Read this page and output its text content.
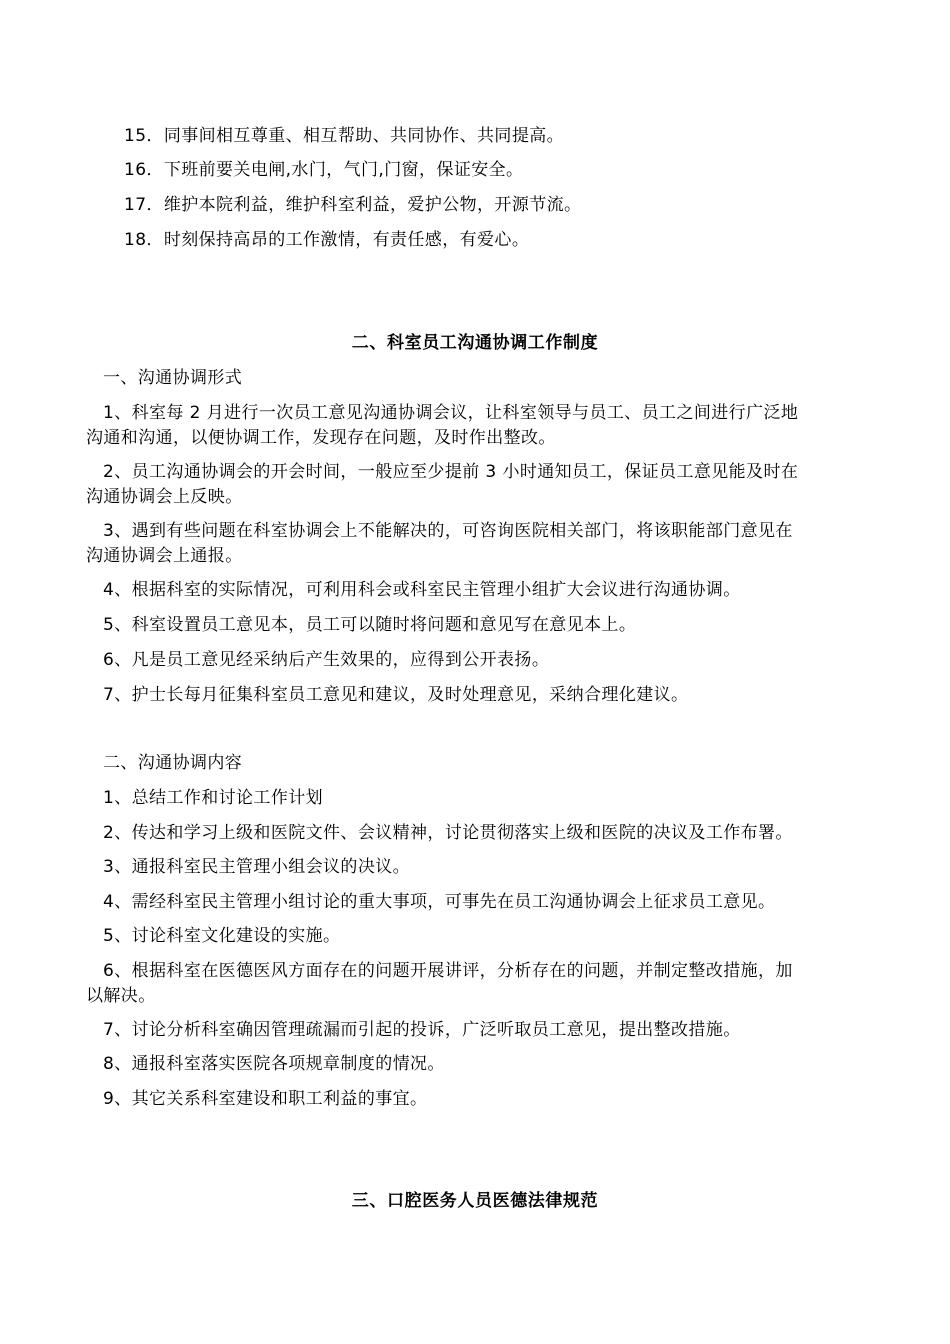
15．同事间相互尊重、相互帮助、共同协作、共同提高。
16．下班前要关电闸,水门，气门,门窗，保证安全。
17．维护本院利益，维护科室利益，爱护公物，开源节流。
18．时刻保持高昂的工作激情，有责任感，有爱心。
二、科室员工沟通协调工作制度
一、沟通协调形式
1、科室每 2 月进行一次员工意见沟通协调会议，让科室领导与员工、员工之间进行广泛地
沟通和沟通，以便协调工作，发现存在问题，及时作出整改。
2、员工沟通协调会的开会时间，一般应至少提前 3 小时通知员工，保证员工意见能及时在
沟通协调会上反映。
3、遇到有些问题在科室协调会上不能解决的，可咨询医院相关部门，将该职能部门意见在
沟通协调会上通报。
4、根据科室的实际情况，可利用科会或科室民主管理小组扩大会议进行沟通协调。
5、科室设置员工意见本，员工可以随时将问题和意见写在意见本上。
6、凡是员工意见经采纳后产生效果的，应得到公开表扬。
7、护士长每月征集科室员工意见和建议，及时处理意见，采纳合理化建议。
二、沟通协调内容
1、总结工作和讨论工作计划
2、传达和学习上级和医院文件、会议精神，讨论贯彻落实上级和医院的决议及工作布署。
3、通报科室民主管理小组会议的决议。
4、需经科室民主管理小组讨论的重大事项，可事先在员工沟通协调会上征求员工意见。
5、讨论科室文化建设的实施。
6、根据科室在医德医风方面存在的问题开展讲评，分析存在的问题，并制定整改措施，加
以解决。
7、讨论分析科室确因管理疏漏而引起的投诉，广泛听取员工意见，提出整改措施。
8、通报科室落实医院各项规章制度的情况。
9、其它关系科室建设和职工利益的事宜。
三、口腔医务人员医德法律规范
